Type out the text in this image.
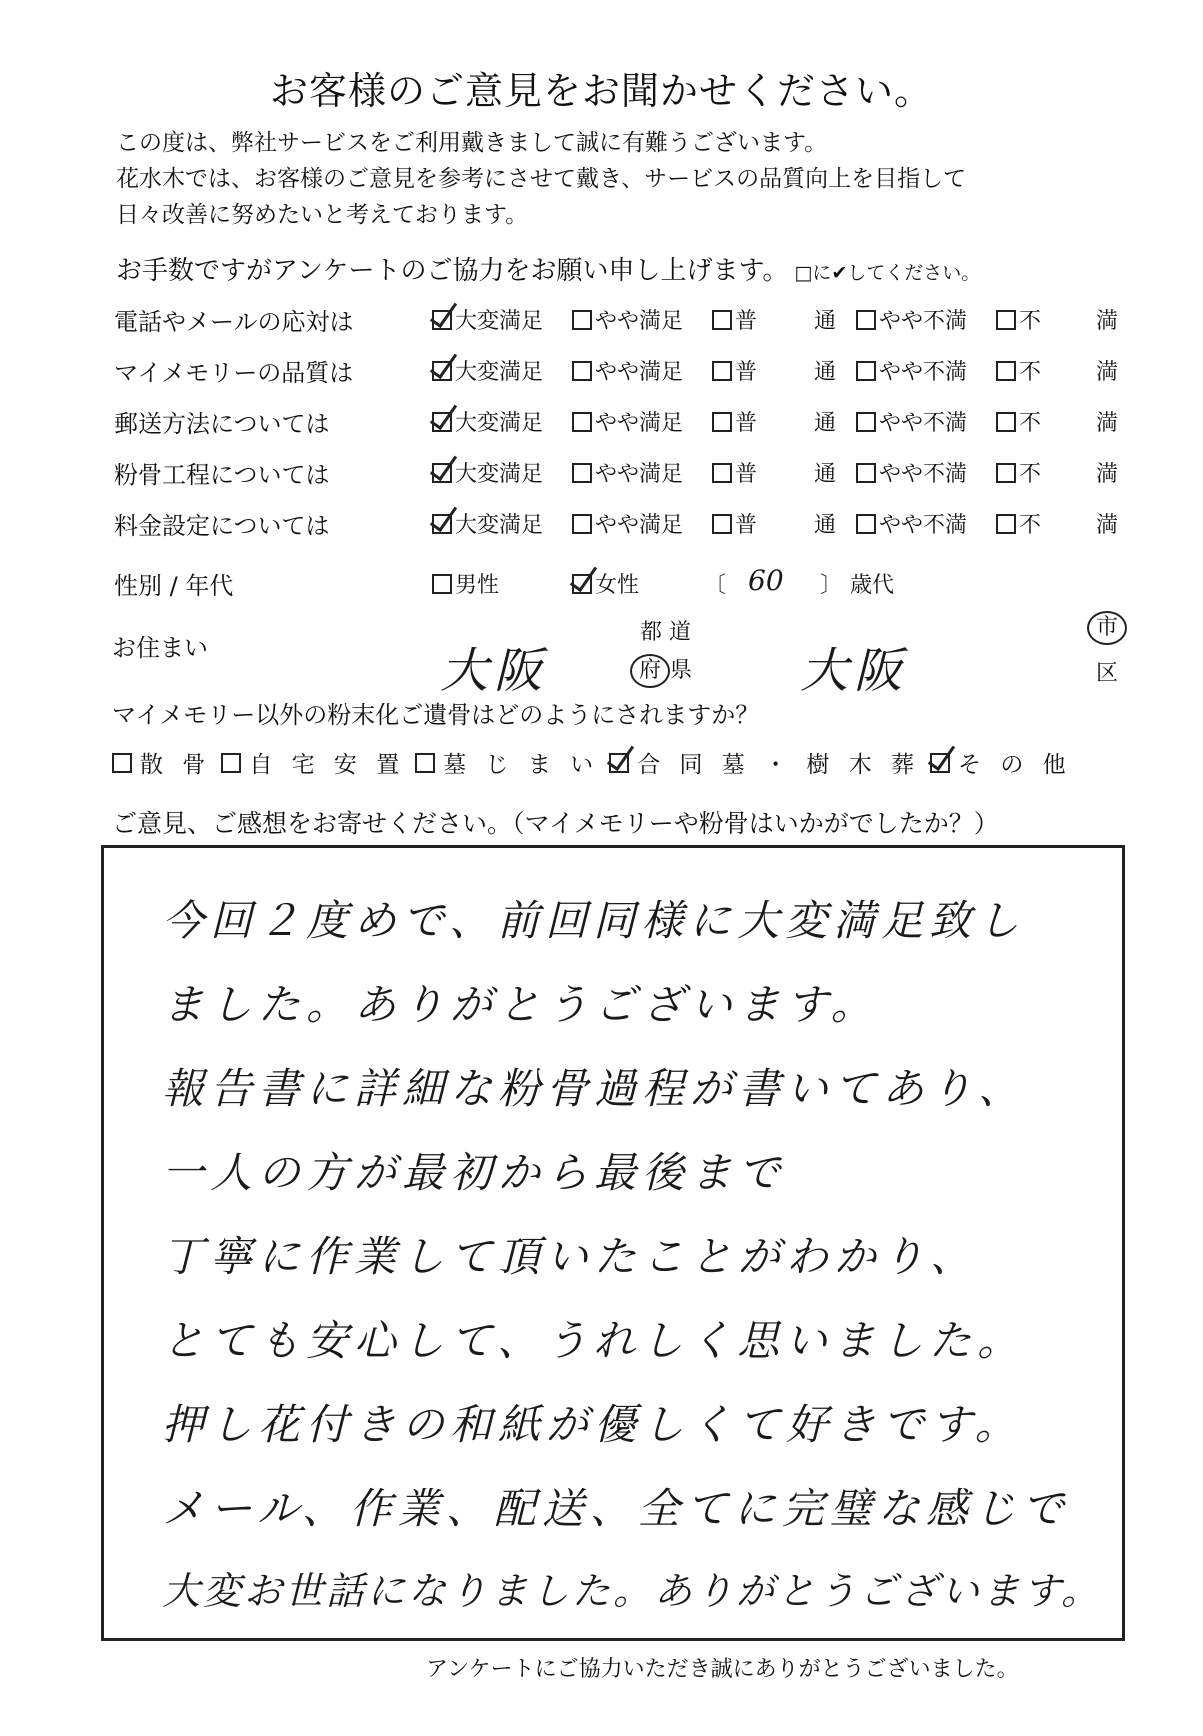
お客様のご意見をお聞かせください。
この度は、弊社サービスをご利用戴きまして誠に有難うございます。
花水木では、お客様のご意見を参考にさせて戴き、サービスの品質向上を目指して
日々改善に努めたいと考えております。
お手数ですがアンケートのご協力をお願い申し上げます。 □に✔してください。
電話やメールの応対は	大変満足 やや満足 普	通 やや不満 不 満
マイメモリーの品質は	大変満足 やや満足 普	通 やや不満 不 満
郵送方法については	大変満足 やや満足 普	通 やや不満 不 満
粉骨工程については	大変満足 やや満足 普	通 やや不満 不 満
料金設定については	大変満足 やや満足 普	通 やや不満 不 満
性別 / 年代	男性	女性	〔 60 〕 歳代
お住まい	大阪
都 道
府 県 大阪
市
区
マイメモリー以外の粉末化ご遺骨はどのようにされますか？
散 骨 自 宅 安 置 墓 じ ま い 合 同 墓 ・ 樹 木 葬 そ の 他
ご意見、ご感想をお寄せください。（マイメモリーや粉骨はいかがでしたか？）
今回２度めで、前回同様に大変満足致し
ました。ありがとうございます。
報告書に詳細な粉骨過程が書いてあり、
一人の方が最初から最後まで
丁寧に作業して頂いたことがわかり、
とても安心して、うれしく思いました。
押し花付きの和紙が優しくて好きです。
メール、作業、配送、全てに完璧な感じで
大変お世話になりました。ありがとうございます。
アンケートにご協力いただき誠にありがとうございました。
